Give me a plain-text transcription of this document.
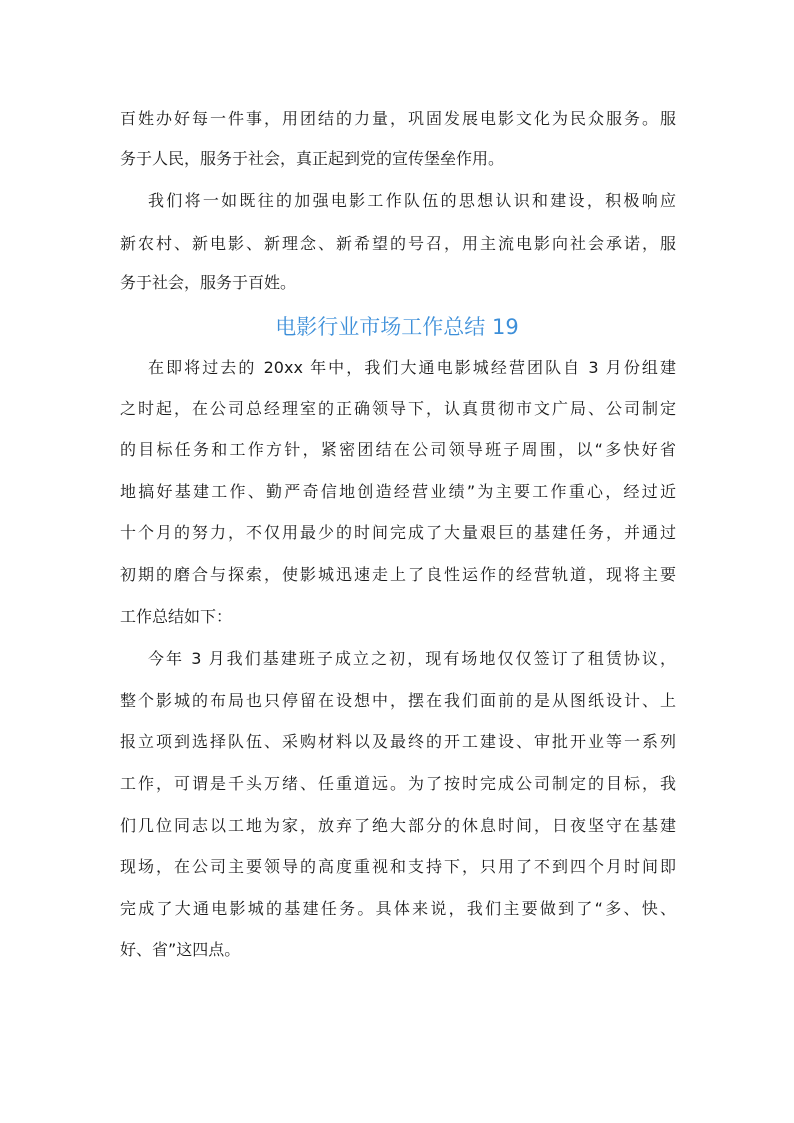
百姓办好每一件事，用团结的力量，巩固发展电影文化为民众服务。服
务于人民，服务于社会，真正起到党的宣传堡垒作用。
我们将一如既往的加强电影工作队伍的思想认识和建设，积极响应
新农村、新电影、新理念、新希望的号召，用主流电影向社会承诺，服
务于社会，服务于百姓。
电影行业市场工作总结 19
在即将过去的 20xx 年中，我们大通电影城经营团队自 3 月份组建
之时起，在公司总经理室的正确领导下，认真贯彻市文广局、公司制定
的目标任务和工作方针，紧密团结在公司领导班子周围，以“多快好省
地搞好基建工作、勤严奇信地创造经营业绩”为主要工作重心，经过近
十个月的努力，不仅用最少的时间完成了大量艰巨的基建任务，并通过
初期的磨合与探索，使影城迅速走上了良性运作的经营轨道，现将主要
工作总结如下：
今年 3 月我们基建班子成立之初，现有场地仅仅签订了租赁协议，
整个影城的布局也只停留在设想中，摆在我们面前的是从图纸设计、上
报立项到选择队伍、采购材料以及最终的开工建设、审批开业等一系列
工作，可谓是千头万绪、任重道远。为了按时完成公司制定的目标，我
们几位同志以工地为家，放弃了绝大部分的休息时间，日夜坚守在基建
现场，在公司主要领导的高度重视和支持下，只用了不到四个月时间即
完成了大通电影城的基建任务。具体来说，我们主要做到了“多、快、
好、省”这四点。
